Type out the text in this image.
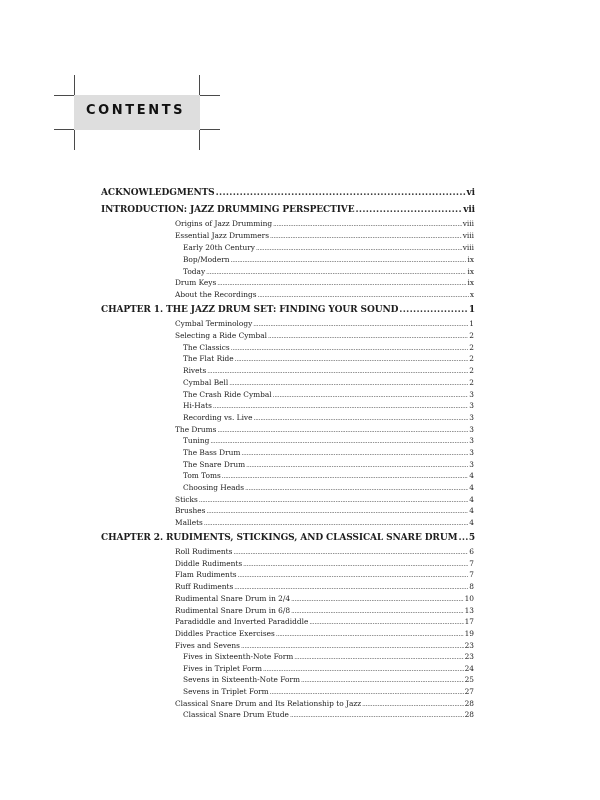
CONTENTS
ACKNOWLEDGMENTS .....	vi
INTRODUCTION: JAZZ DRUMMING PERSPECTIVE .....	vii
Origins of Jazz Drumming .....	viii
Essential Jazz Drummers .....	viii
Early 20th Century .....	viii
Bop/Modern .....	ix
Today .....	ix
Drum Keys .....	ix
About the Recordings .....	x
CHAPTER 1. THE JAZZ DRUM SET: FINDING YOUR SOUND .....	1
Cymbal Terminology .....	1
Selecting a Ride Cymbal .....	2
The Classics .....	2
The Flat Ride .....	2
Rivets .....	2
Cymbal Bell .....	2
The Crash Ride Cymbal .....	3
Hi-Hats .....	3
Recording vs. Live .....	3
The Drums .....	3
Tuning .....	3
The Bass Drum .....	3
The Snare Drum .....	3
Tom Toms .....	4
Choosing Heads .....	4
Sticks .....	4
Brushes .....	4
Mallets .....	4
CHAPTER 2. RUDIMENTS, STICKINGS, AND CLASSICAL SNARE DRUM ..... 5
Roll Rudiments .....	6
Diddle Rudiments .....	7
Flam Rudiments .....	7
Ruff Rudiments .....	8
Rudimental Snare Drum in 2/4 .....	10
Rudimental Snare Drum in 6/8 .....	13
Paradiddle and Inverted Paradiddle .....	17
Diddles Practice Exercises .....	19
Fives and Sevens .....	23
Fives in Sixteenth-Note Form .....	23
Fives in Triplet Form .....	24
Sevens in Sixteenth-Note Form .....	25
Sevens in Triplet Form .....	27
Classical Snare Drum and Its Relationship to Jazz .....	28
Classical Snare Drum Etude .....	28
